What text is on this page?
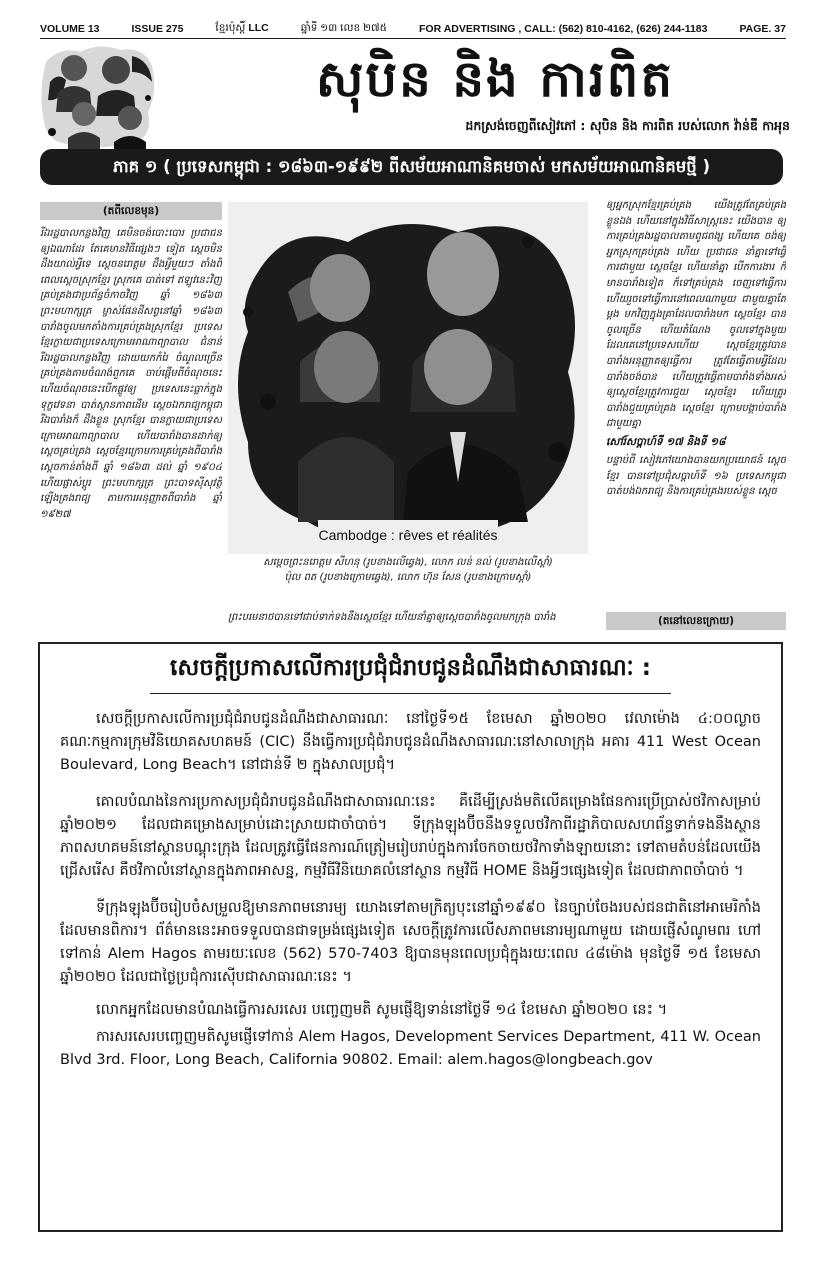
VOLUME 13	ISSUE 275	ខ្មែរប៉ុស្តិ៍ LLC	ឆ្នាំទី ១៣ លេខ ២៧៥	FOR ADVERTISING , CALL: (562) 810-4162, (626) 244-1183	PAGE. 37
សុបិន និង ការពិត
ដកស្រង់ចេញពីសៀវភៅ : សុបិន និង ការពិត របស់លោក វ៉ាន់ឌី កាអុន
ភាគ ១ ( ប្រទេសកម្ពុជា : ១៨៦៣-១៩៩២ ពីសម័យអាណានិគមចាស់ មកសម័យអាណានិគមថ្មី )
(តពីលេខមុន)

រីឯរដ្ឋបាលកន្លងវិញ គេមិនចង់បោះបោរ ប្រជាជនឲ្យឯណាដែរ តែគេមានវិធីផ្សេងៗ ទៀត ស្តេចមិនដឹងយាល់អ្វីទេ ស្តេចនរោត្តម ដឹងអ្វីមួយៗ តាំងពីពេលស្តេចស្រុកខ្មែរ ស្រុកគេ បាត់ទៅ ឥឡូវនេះវិញគ្រប់គ្រងជាប្រព័ន្ធចំកាចវិញ ឆ្នាំ ១៨៦៣ ព្រះមហាក្សត្រ ម្ចាស់ផែនដីសព្វនៅឆ្នាំ ១៨៦៣ បារាំងចូលមកតាំងការគ្រប់គ្រងស្រុកខ្មែរ ប្រទេសខ្មែរក្លាយជាប្រទេសក្រោមអាណាព្យាបាល ជំនាន់ រីឯរដ្ឋបាលកន្លងវិញ ដោយយកកំរៃ ចំណូលច្រើន គ្រប់គ្រងតាមចំណង់ពួកគេ ចាប់ផ្តើមពីចំណុចនេះ ហើយចំណុចនេះបើកផ្លូវឲ្យ ប្រទេសនេះធ្លាក់ក្នុងទុក្ខវេទនា បាត់ស្ថានភាពដើម ស្តេចឯករាជ្យកម្ពុជា រីឯបារាំងក៏ ដឹងខ្លួន ស្រុកខ្មែរ បានក្លាយជាប្រទេសក្រោមអាណាព្យាបាល ហើយបារាំងបានដាក់ឲ្យស្តេចគ្រប់គ្រង ស្តេចខ្មែរក្រោមការគ្រប់គ្រងពីបារាំង ស្តេចកាន់តាំងពី ឆ្នាំ ១៨៦៣ ដល់ ឆ្នាំ ១៩០៤ ហើយផ្លាស់ប្តូរ ព្រះមហាក្សត្រ ព្រះបាទស៊ីសុវត្ថិ ឡើងគ្រងរាជ្យ តាមការអនុញ្ញាតពីបារាំង ឆ្នាំ ១៩២៧

Cambodge : rêves et réalités
សម្តេចព្រះនរោត្តម សីហនុ (រូបខាងលើឆ្វេង), លោក លន់ នល់ (រូបខាងលើស្តាំ)
ប៉ុល ពត (រូបខាងក្រោមឆ្វេង), លោក ហ៊ុន សែន (រូបខាងក្រោមស្តាំ)
ព្រះបរមនាថបានទៅជាប់ទាក់ទងនឹងស្តេចខ្មែរ ហើយនាំគ្នាឲ្យស្តេចបារាំងចូលមកក្រុង បារាំង

ឲ្យអ្នកស្រុកខ្មែរគ្រប់គ្រង យើងត្រូវតែគ្រប់គ្រងខ្លួនឯង ហើយនៅក្នុងវិធីសាស្ត្រនេះ យើងបាន ឲ្យការគ្រប់គ្រងរដ្ឋបាលតាមពូជពង្ស ហើយគេ ចង់ឲ្យអ្នកស្រុកគ្រប់គ្រង ហើយ ប្រជាជន នាំគ្នាទៅធ្វើការជាមួយ ស្តេចខ្មែរ ហើយនាំគ្នា បើកការងារ ក៏មានបារាំងទៀត ក៏ទៅគ្រប់គ្រង ចេញទៅធ្វើការ ហើយរួចទៅធ្វើការនៅពេលណាមួយ ជាមួយគ្នាតែម្តង មកវិញក្នុងគ្រាដែលបារាំងមក ស្តេចខ្មែរ បានចូលច្រើន ហើយតំណែង ចូលទៅក្នុងមួយ ដែលគេនៅប្រទេសហើយ ស្តេចខ្មែរត្រូវបាន បារាំងអនុញ្ញាតឲ្យធ្វើការ ត្រូវតែធ្វើតាមអ្វីដែលបារាំងចង់បាន ហើយត្រូវធ្វើតាមបារាំងទាំងអស់ ឲ្យស្តេចខ្មែរត្រូវការជួយ ស្តេចខ្មែរ ហើយត្រូវបារាំងជួយគ្រប់គ្រង ស្តេចខ្មែរ ក្រោមបង្គាប់បារាំង ជាមួយគ្នា

សៅរ៍សប្តាហ៍ទី ១៧ និងទី ១៨

បន្ទាប់ពី សៀវភៅយោងបានយកប្រយោជន៍ ស្តេចខ្មែរ បានទៅប្រជុំសប្តាហ៍ទី ១៦ ប្រទេសកម្ពុជា បាត់បង់ឯករាជ្យ និងការគ្រប់គ្រងរបស់ខ្លួន ស្តេច

(តនៅលេខក្រោយ)
សេចក្តីប្រកាសលើការប្រជុំជំរាបជូនដំណឹងជាសាធារណៈ :

សេចក្តីប្រកាសលើការប្រជុំជំរាបជូនដំណឹងជាសាធារណៈ នៅថ្ងៃទី១៥ ខែមេសា ឆ្នាំ២០២០ វេលាម៉ោង ៤:០០ល្ងាច គណៈកម្មការក្រុមវិនិយោគសហគមន៍ (CIC) នឹងធ្វើការប្រជុំជំរាបជូនដំណឹងសាធារណៈនៅសាលាក្រុង អគារ 411 West Ocean Boulevard, Long Beach។ នៅជាន់ទី ២ ក្នុងសាលប្រជុំ។

គោលបំណងនៃការប្រកាសប្រជុំជំរាបជូនដំណឹងជាសាធារណៈនេះ គឺដើម្បីស្រង់មតិលើគម្រោងផែនការប្រើប្រាស់ថវិកាសម្រាប់ ឆ្នាំ២០២១ ដែលជាគម្រោងសម្រាប់ដោះស្រាយជាចាំបាច់។ ទីក្រុងឡុងប៊ីចនឹងទទួលថវិកាពីរដ្ឋាភិបាលសហព័ន្ធទាក់ទងនឹងស្ថានភាពសហគមន៍នៅស្ថានបណ្តុះក្រុង ដែលត្រូវធ្វើផែនការណ៍ត្រៀមរៀបរាប់ក្នុងការចែកចាយថវិកាទាំងឡាយនោះ ទៅតាមតំបន់ដែលយើងជ្រើសរើស គឺថវិកាលំនៅស្ថានក្នុងភាពអាសន្ន, កម្មវិធីវិនិយោគលំនៅស្ថាន កម្មវិធី HOME និងអ្វីៗផ្សេងទៀត ដែលជាភាពចាំបាច់ ។

ទីក្រុងឡុងប៊ីចរៀបចំសម្រួលឱ្យមានភាពមនោរម្យ យោងទៅតាមក្រិត្យបុះនៅឆ្នាំ១៩៩០ នៃច្បាប់ចែងរបស់ជនជាតិនៅអាមេរិកាំង ដែលមានពិការ។ ព័ត៌មាននេះអាចទទួលបានជាទម្រង់ផ្សេងទៀត សេចក្តីត្រូវការលើសភាពមនោរម្យណាមួយ ដោយផ្ញើសំណូមពរ ហៅទៅកាន់ Alem Hagos តាមរយៈលេខ (562) 570-7403 ឱ្យបានមុនពេលប្រជុំក្នុងរយៈពេល ៤៨ម៉ោង មុនថ្ងៃទី ១៥ ខែមេសា ឆ្នាំ២០២០ ដែលជាថ្ងៃប្រជុំការស៊ើបជាសាធារណៈនេះ ។

លោកអ្នកដែលមានបំណងធ្វើការសរសេរ បញ្ចេញមតិ សូមផ្ញើឱ្យទាន់នៅថ្ងៃទី ១៤ ខែមេសា ឆ្នាំ២០២០ នេះ ។

ការសរសេរបញ្ចេញមតិសូមផ្ញើទៅកាន់ Alem Hagos, Development Services Department, 411 W. Ocean Blvd 3rd. Floor, Long Beach, California 90802. Email: alem.hagos@longbeach.gov
